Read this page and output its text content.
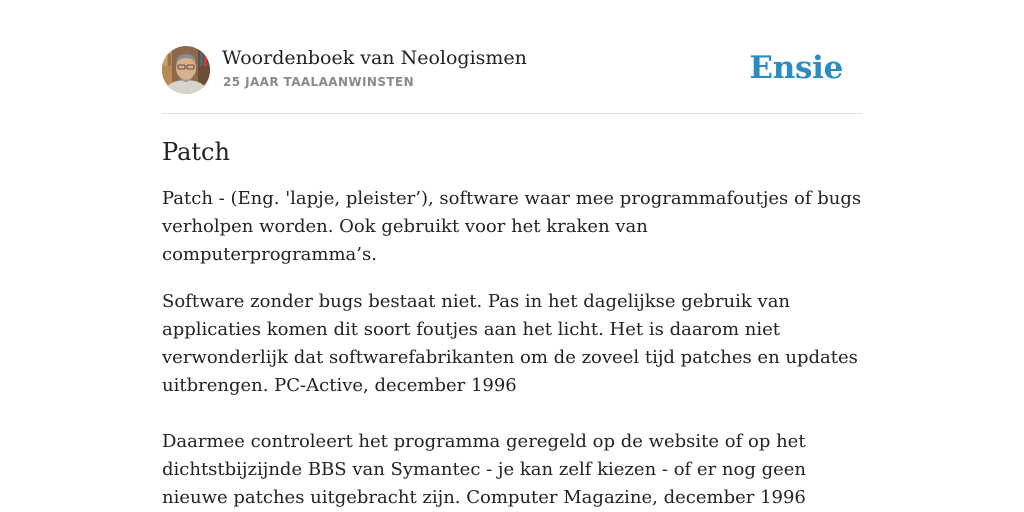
Woordenboek van Neologismen
25 JAAR TAALAANWINSTEN	Ensie
Patch

Patch - (Eng. 'lapje, pleister’), software waar mee programmafoutjes of bugs verholpen worden. Ook gebruikt voor het kraken van computerprogramma’s.

Software zonder bugs bestaat niet. Pas in het dagelijkse gebruik van applicaties komen dit soort foutjes aan het licht. Het is daarom niet verwonderlijk dat softwarefabrikanten om de zoveel tijd patches en updates uitbrengen. PC-Active, december 1996

Daarmee controleert het programma geregeld op de website of op het dichtstbijzijnde BBS van Symantec - je kan zelf kiezen - of er nog geen nieuwe patches uitgebracht zijn. Computer Magazine, december 1996
